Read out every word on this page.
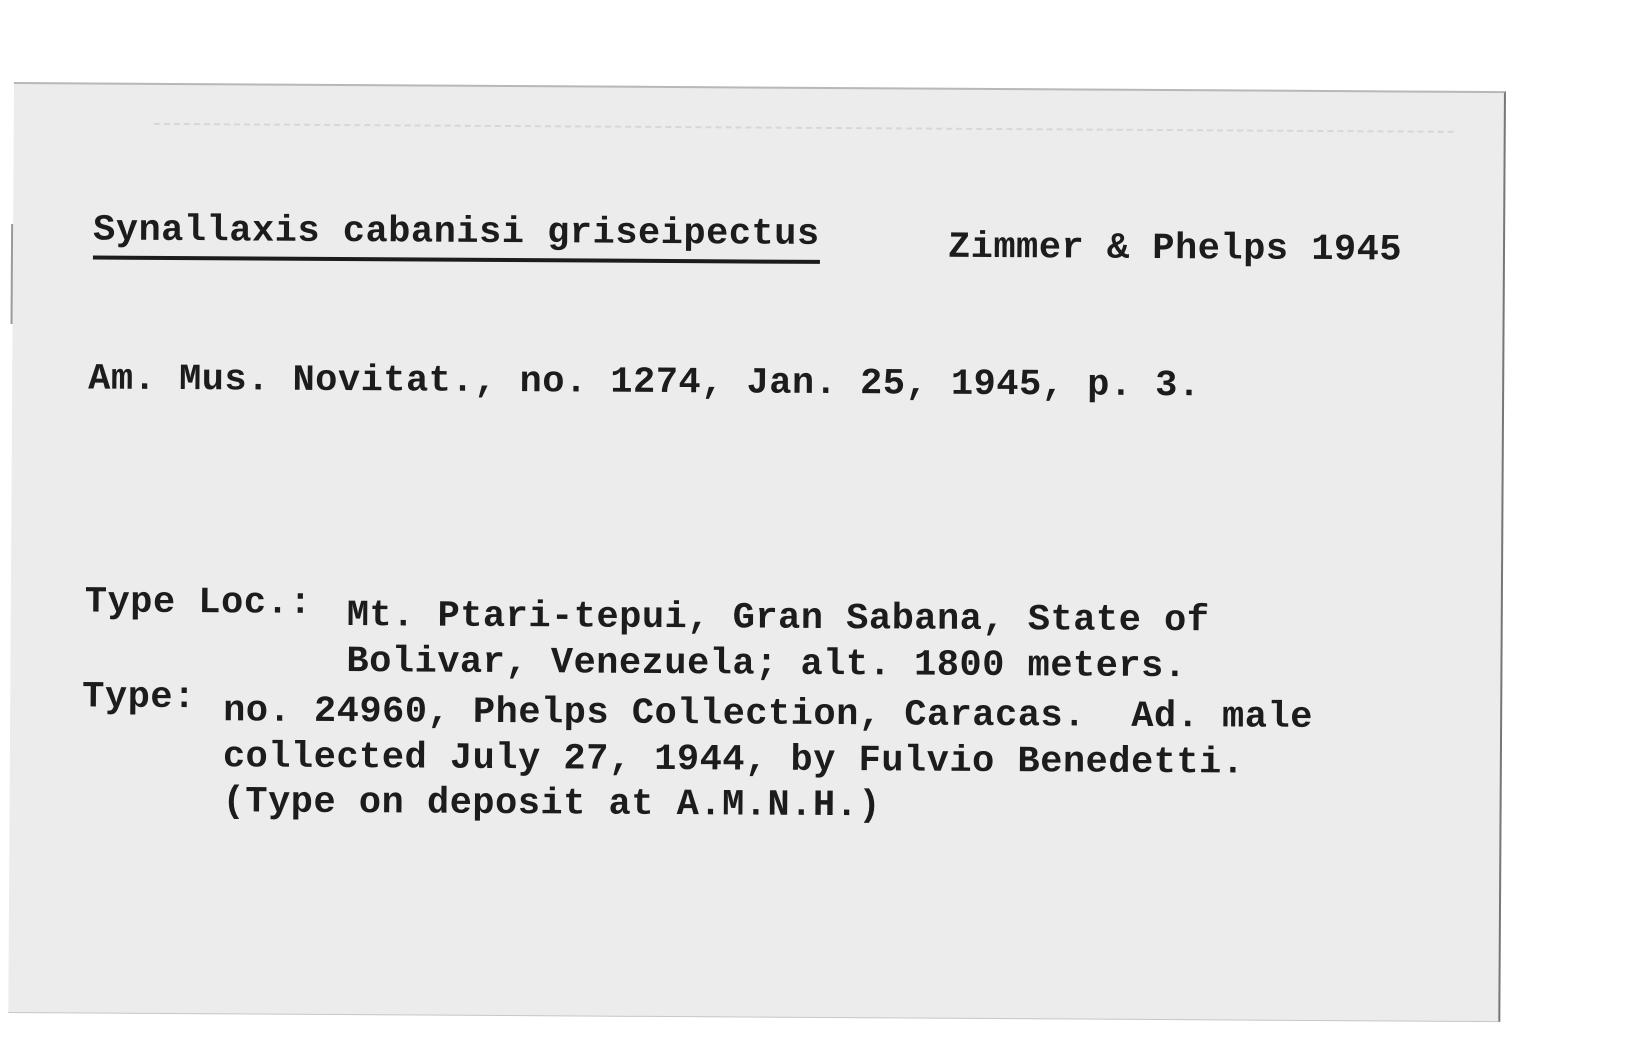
Synallaxis cabanisi griseipectus	Zimmer & Phelps 1945
Am. Mus. Novitat., no. 1274, Jan. 25, 1945, p. 3.
Type Loc.: Mt. Ptari-tepui, Gran Sabana, State of
Bolivar, Venezuela; alt. 1800 meters.
Type: no. 24960, Phelps Collection, Caracas.  Ad. male
collected July 27, 1944, by Fulvio Benedetti.
(Type on deposit at A.M.N.H.)
